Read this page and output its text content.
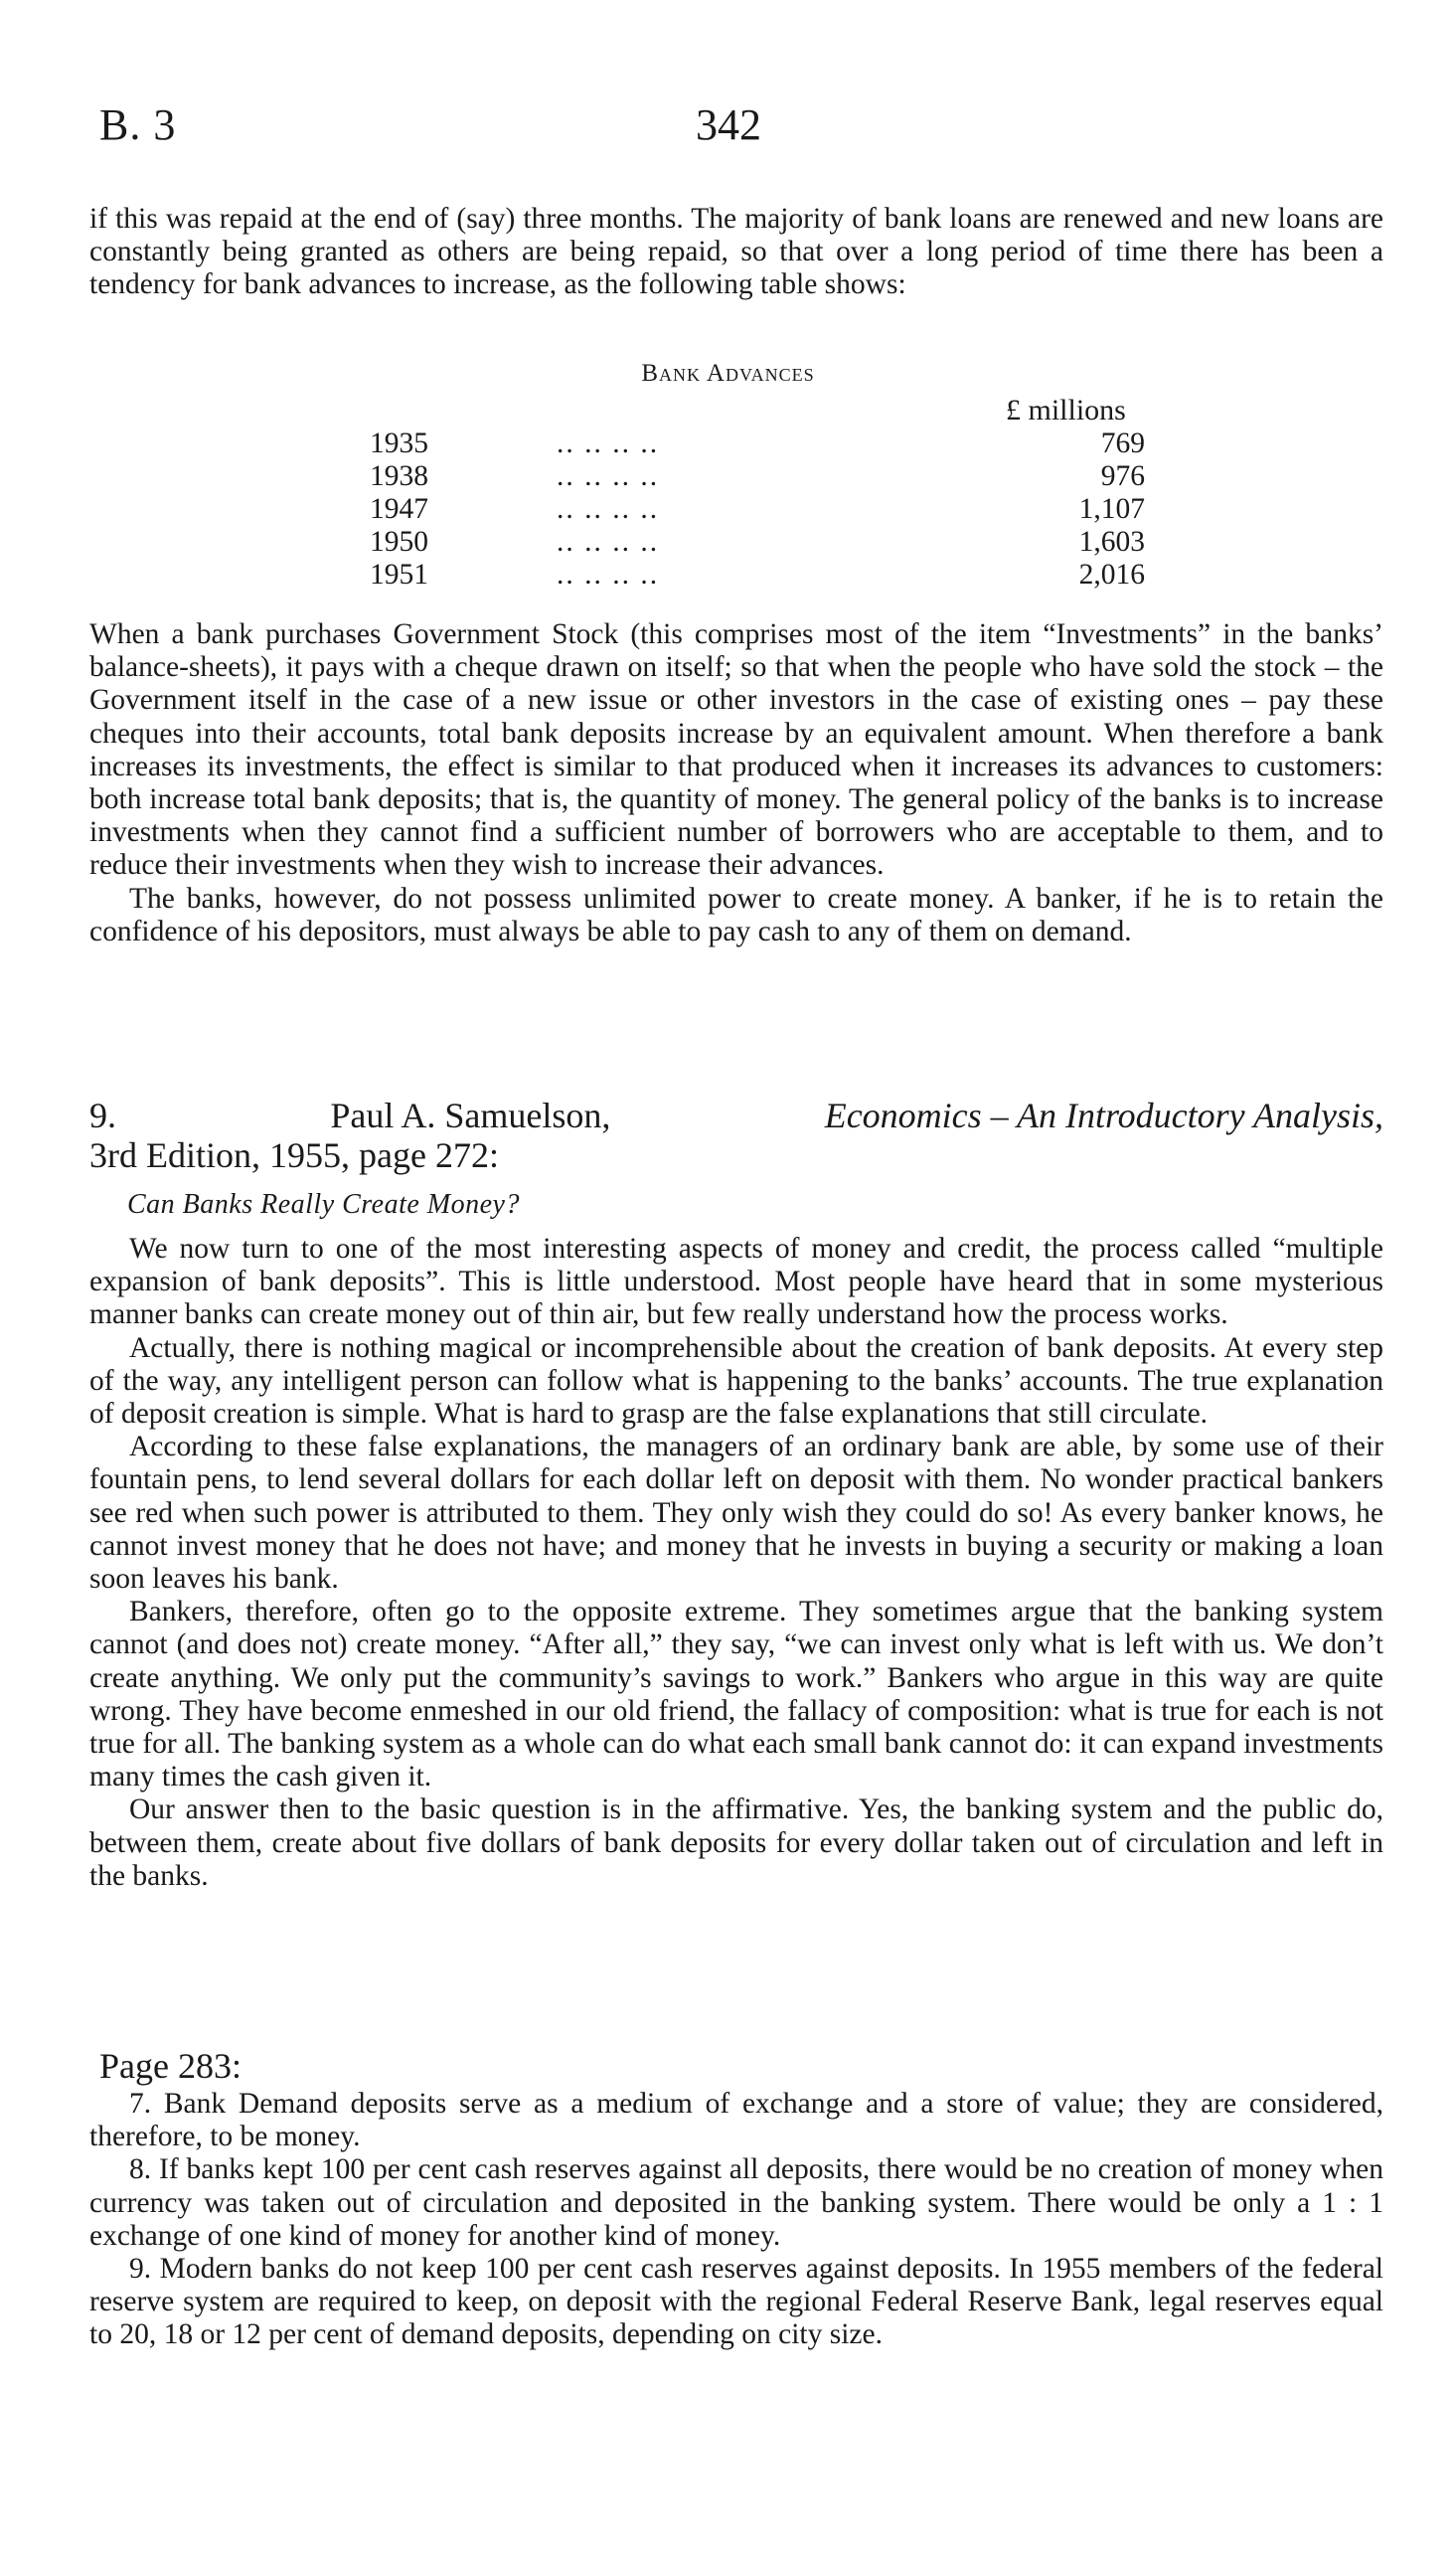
B. 3	342

if this was repaid at the end of (say) three months. The majority of bank loans are renewed and new loans are constantly being granted as others are being repaid, so that over a long period of time there has been a tendency for bank advances to increase, as the following table shows:

Bank Advances
£ millions
1935	.. .. .. ..	769
1938	.. .. .. ..	976
1947	.. .. .. ..	1,107
1950	.. .. .. ..	1,603
1951	.. .. .. ..	2,016

When a bank purchases Government Stock (this comprises most of the item “Investments” in the banks’ balance-sheets), it pays with a cheque drawn on itself; so that when the people who have sold the stock – the Government itself in the case of a new issue or other investors in the case of existing ones – pay these cheques into their accounts, total bank deposits increase by an equivalent amount. When therefore a bank increases its investments, the effect is similar to that produced when it increases its advances to customers: both increase total bank deposits; that is, the quantity of money. The general policy of the banks is to increase investments when they cannot find a sufficient number of borrowers who are acceptable to them, and to reduce their investments when they wish to increase their advances.

The banks, however, do not possess unlimited power to create money. A banker, if he is to retain the confidence of his depositors, must always be able to pay cash to any of them on demand.

9.	Paul A. Samuelson,	Economics – An Introductory Analysis,
3rd Edition, 1955, page 272:
Can Banks Really Create Money?

We now turn to one of the most interesting aspects of money and credit, the process called “multiple expansion of bank deposits”. This is little understood. Most people have heard that in some mysterious manner banks can create money out of thin air, but few really understand how the process works.

Actually, there is nothing magical or incomprehensible about the creation of bank deposits. At every step of the way, any intelligent person can follow what is happening to the banks’ accounts. The true explanation of deposit creation is simple. What is hard to grasp are the false explanations that still circulate.

According to these false explanations, the managers of an ordinary bank are able, by some use of their fountain pens, to lend several dollars for each dollar left on deposit with them. No wonder practical bankers see red when such power is attributed to them. They only wish they could do so! As every banker knows, he cannot invest money that he does not have; and money that he invests in buying a security or making a loan soon leaves his bank.

Bankers, therefore, often go to the opposite extreme. They sometimes argue that the banking system cannot (and does not) create money. “After all,” they say, “we can invest only what is left with us. We don’t create anything. We only put the community’s savings to work.” Bankers who argue in this way are quite wrong. They have become enmeshed in our old friend, the fallacy of composition: what is true for each is not true for all. The banking system as a whole can do what each small bank cannot do: it can expand investments many times the cash given it.

Our answer then to the basic question is in the affirmative. Yes, the banking system and the public do, between them, create about five dollars of bank deposits for every dollar taken out of circulation and left in the banks.

Page 283:

7. Bank Demand deposits serve as a medium of exchange and a store of value; they are considered, therefore, to be money.

8. If banks kept 100 per cent cash reserves against all deposits, there would be no creation of money when currency was taken out of circulation and deposited in the banking system. There would be only a 1 : 1 exchange of one kind of money for another kind of money.

9. Modern banks do not keep 100 per cent cash reserves against deposits. In 1955 members of the federal reserve system are required to keep, on deposit with the regional Federal Reserve Bank, legal reserves equal to 20, 18 or 12 per cent of demand deposits, depending on city size.
